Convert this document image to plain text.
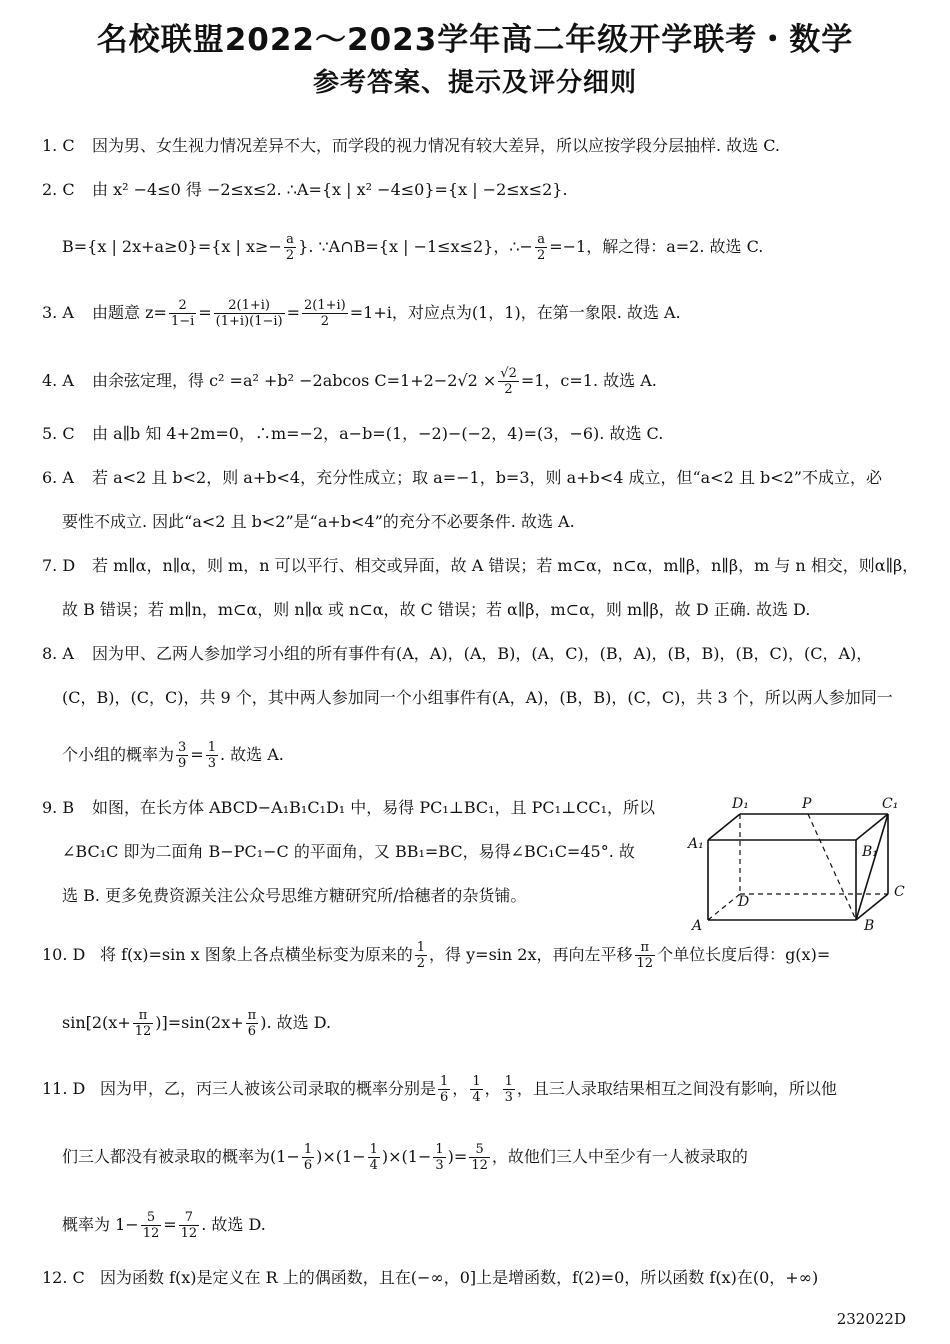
名校联盟2022～2023学年高二年级开学联考・数学
参考答案、提示及评分细则
1. C 因为男、女生视力情况差异不大，而学段的视力情况有较大差异，所以应按学段分层抽样. 故选 C.
2. C 由 x² −4≤0 得 −2≤x≤2. ∴A={x | x² −4≤0}={x | −2≤x≤2}.
B={x | 2x+a≥0}={x | $x\ge- \frac{a}{2}$ }. ∵A∩B={x | −1≤x≤2}，∴− $\frac{a}{2} =-1$，解之得：a=2. 故选 C.
3. A 由题意 $z= \frac{2}{1-i} = \frac{2(1+i)}{(1+i)(1-i)} = \frac{2(1+i)}{2} =1+i$，对应点为(1，1)，在第一象限. 故选 A.
4. A 由余弦定理，得 c² =a² +b² −2abcos $C=1+2-2√2 \times \frac{√2}{2} =1$，c=1. 故选 A.
5. C 由 a∥b 知 4+2m=0，∴m=−2，a−b=(1，−2)−(−2，4)=(3，−6). 故选 C.
6. A 若 a<2 且 b<2，则 a+b<4，充分性成立；取 a=−1，b=3，则 a+b<4 成立，但“a<2 且 b<2”不成立，必
要性不成立. 因此“a<2 且 b<2”是“a+b<4”的充分不必要条件. 故选 A.
7. D 若 m∥α，n∥α，则 m，n 可以平行、相交或异面，故 A 错误；若 m⊂α，n⊂α，m∥β，n∥β，m 与 n 相交，则α∥β，
故 B 错误；若 m∥n，m⊂α，则 n∥α 或 n⊂α，故 C 错误；若 α∥β，m⊂α，则 m∥β，故 D 正确. 故选 D.
8. A 因为甲、乙两人参加学习小组的所有事件有(A，A)，(A，B)，(A，C)，(B，A)，(B，B)，(B，C)，(C，A)，
(C，B)，(C，C)，共 9 个，其中两人参加同一个小组事件有(A，A)，(B，B)，(C，C)，共 3 个，所以两人参加同一
个小组的概率为 $\frac{3}{9} = \frac{1}{3}$ . 故选 A.
9. B 如图，在长方体 ABCD−A₁B₁C₁D₁ 中，易得 PC₁⊥BC₁，且 PC₁⊥CC₁，所以
∠BC₁C 即为二面角 B−PC₁−C 的平面角，又 BB₁=BC，易得∠BC₁C=45°. 故
选 B. 更多免费资源关注公众号思维方糖研究所/拾穗者的杂货铺。
D₁	P	C₁
A₁	B₁
C
D
A	B
10. D 将 f(x)=sin x 图象上各点横坐标变为原来的 $\frac{1}{2}$ ，得 y=sin 2x，再向左平移 $\frac{\pi}{12}$ 个单位长度后得：g(x)=
$\sin[2(x+ \frac{\pi}{12} )]=\sin(2x+ \frac{\pi}{6}$ ). 故选 D.
11. D 因为甲，乙，丙三人被该公司录取的概率分别是 $\frac{1}{6}$ ， $\frac{1}{4}$ ， $\frac{1}{3}$ ，且三人录取结果相互之间没有影响，所以他
们三人都没有被录取的概率为$(1- \frac{1}{6} )\times(1- \frac{1}{4} )\times(1- \frac{1}{3}$ )= $\frac{5}{12}$ ，故他们三人中至少有一人被录取的
概率为 $1- \frac{5}{12} = \frac{7}{12}$ . 故选 D.
12. C 因为函数 f(x)是定义在 R 上的偶函数，且在(−∞，0]上是增函数，f(2)=0，所以函数 f(x)在(0，+∞)
232022D
